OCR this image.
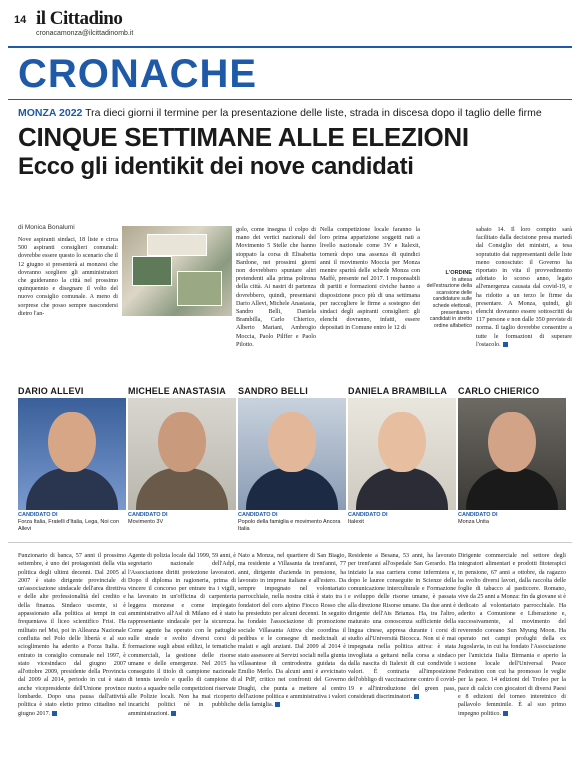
14 il Cittadino
cronacamonza@ilcittadinomb.it
CRONACHE
MONZA 2022 Tra dieci giorni il termine per la presentazione delle liste, strada in discesa dopo il taglio delle firme
CINQUE SETTIMANE ALLE ELEZIONI
Ecco gli identikit dei nove candidati
di Monica Bonalumi

Nove aspiranti sindaci, 18 liste e circa 500 aspiranti consiglieri comunali: dovrebbe essere questo lo scenario che il 12 giugno si presenterà ai monzesi che dovranno scegliere gli amministratori che guideranno la città nel prossimo quinquennio e disegnare il volto del nuovo consiglio comunale. A meno di sorprese che posso sempre nascondersi dietro l'an-

golo, come insegna il colpo di mano dei vertici nazionali del Movimento 5 Stelle che hanno stoppato la corsa di Elisabetta Bardone, nei prossimi giorni non dovrebbero spuntare altri pretendenti alla prima poltrona della città. Ai nastri di partenza dovrebbero, quindi, presentarsi Dario Allevi, Michele Anastasia, Sandro Belli, Daniela Brambilla, Carlo Chierico, Alberto Mariani, Ambrogio Moccia, Paolo Pilffer e Paolo Pilotto.

Nella competizione locale faranno la loro prima apparizione soggetti nati a livello nazionale come 3V e Italexit, tornerà dopo una assenza di quindici anni il movimento Moccia per Monza mentre sparirà delle schede Monza con Maffè, presente nel 2017. I responsabili di partiti e formazioni civiche hanno a disposizione poco più di una settimana per raccogliere le firme a sostegno dei sindaci degli aspiranti consiglieri: gli elenchi dovranno, infatti, essere depositati in Comune entro le 12 di

L'ORDINE
In attesa dell'estrazione della scansione delle candidature sulle schede elettorali, presentiamo i candidati in stretto ordine alfabetico

sabato 14. Il loro compito sarà facilitato dalla decisione presa martedì dal Consiglio dei ministri, a tesa sopratutto dai rappresentanti delle liste meno conosciute: il Governo ha riportato in vita il provvedimento adottato lo scorso anno, legato all'emergenza causata dal covid-19, e ha ridotto a un terzo le firme da presentare. A Monza, quindi, gli elenchi dovranno essere sottoscritti da 117 persone e non dalle 350 previste di norma. Il taglio dovrebbe consentire a tutte le formazioni di superare l'ostacolo.

DARIO ALLEVI
CANDIDATO DI
Forza Italia, Fratelli d'Italia, Lega, Noi con Allevi
Funzionario di banca, 57 anni il prossimo settembre, è uno dei protagonisti della vita politica degli ultimi decenni. Dal 2005 al 2007 è stato dirigente provinciale di un'associazione sindacale dell'area direttiva e delle alte professionalità del credito e della finanza. Sindaco uscente, si è appassionato alla politica ai tempi in cui frequentava il liceo scientifico Frisi. Ha militato nel Msi, poi in Alleanza Nazionale confluita nel Polo delle libertà e al suo scioglimento ha aderito a Forza Italia. È entrato in consiglio comunale nel 1997, è stato vicesindaco dal giugno 2007 all'ottobre 2009, presidente della Provincia dal 2009 al 2014, periodo in cui è stato anche vicepresidente dell'Unione province lombarde. Dopo una pausa dall'attività politica è stato eletto primo cittadino nel giugno 2017.
MICHELE ANASTASIA
CANDIDATO DI
Movimento 3V
Agente di polizia locale dal 1999, 59 anni, è segretario nazionale dell'Adpl, l'Associazione diritti protezione lavoratori. Dopo il diploma in ragioneria, prima di vincere il concorso per entrare tra i vigili, ha lavorato in un'officina di carpenteria leggera monzese e come impiegato amministrativo all'Asl di Milano ed è stato rappresentante sindacale per la sicurezza. Come agente ha operato con le pattuglie sulle strade e svolto diversi corsi di formazione sugli abusi edilizi, le tematiche commerciali, la gestione delle risorse umane e delle emergenze. Nel 2015 ha conseguito il titolo di campione nazionale di tennis tavolo e quello di campione di nuoto a squadre nelle competizioni riservate alle Polizie locali. Non ha mai ricoperto incarichi politici né in pubbliche amministrazioni.
SANDRO BELLI
CANDIDATO DI
Popolo della famiglia e movimento Ancora Italia
Nato a Monza, nel quartiere di San Biagio, ma residente a Villasanta da trent'anni, 77 anni, dirigente d'azienda in pensione, ha lavorato in imprese italiane e all'estero. Da sempre impegnato nel volontariato parrocchiale, nella nostra città è stato tra i fondatori del coro alpino Fiocco Rosso che ha presieduto per alcuni decenni. In seguito ha fondato l'associazione di promozione sociale Villasanta Attiva che coordina il pedibus e le consegne di medicinali ai malati e agli anziani. Dal 2009 al 2014 è stato assessore ai Servizi sociali nella giunta villasantese di centrodestra guidata da Emilio Merlo. Da alcuni anni è avvicinato al PdF, critico nei confronti del Governo Draghi, che punta a mettere al centro dell'azione politica e amministrativa i valori della famiglia.
DANIELA BRAMBILLA
CANDIDATO DI
Italexit
Residente a Besana, 53 anni, ha lavorato per trent'anni all'ospedale San Gerardo. Ha iniziato la sua carriera come infermiera e, dopo le lauree conseguite in Scienze della comunicazione interculturale e Formazione e sviluppo delle risorse umane, è passata alla direzione Risorse umane. Da due anni è dirigente dell'Ats Brianza. Ha, tra l'altro, maturato una conoscenza sufficiente della lingua cinese, appresa durante i corsi di studio all'Università Bicocca. Non si è mai impegnata nella politica attiva: è stata invogliata a gettarsi nella corsa a sindaco dalla nascita di Italexit di cui condivide i valori. È contraria all'imposizione dell'obbligo di vaccinazione contro il covid-19 e all'introduzione del green pass, considerati discriminatori.
CARLO CHIERICO
CANDIDATO DI
Monza Unita
Dirigente commerciale nel settore degli integratori alimentari e prodotti fitoterapici in pensione, 67 anni a ottobre, da ragazzo ha svolto diversi lavori, dalla raccolta delle foglie di tabacco al pasticcere. Romano, vive da 25 anni a Monza: fin da giovane si è dedicato al volontariato parrocchiale. Ha aderito a Comunione e Liberazione e, successivamente, al movimento del reverendo coreano Sun Myung Moon. Ha operato nei campi profughi della ex Jugoslavia, in cui ha fondato l'Associazione per l'amicizia Italia Birmania e aperto la sezione locale dell'Universal Peace Federation con cui ha promosso le veglie per la pace. 14 edizioni del Trofeo per la pace di calcio con giocatori di diversi Paesi e 8 edizioni del torneo interetnico di pallavolo femminile. È al suo primo impegno politico.
